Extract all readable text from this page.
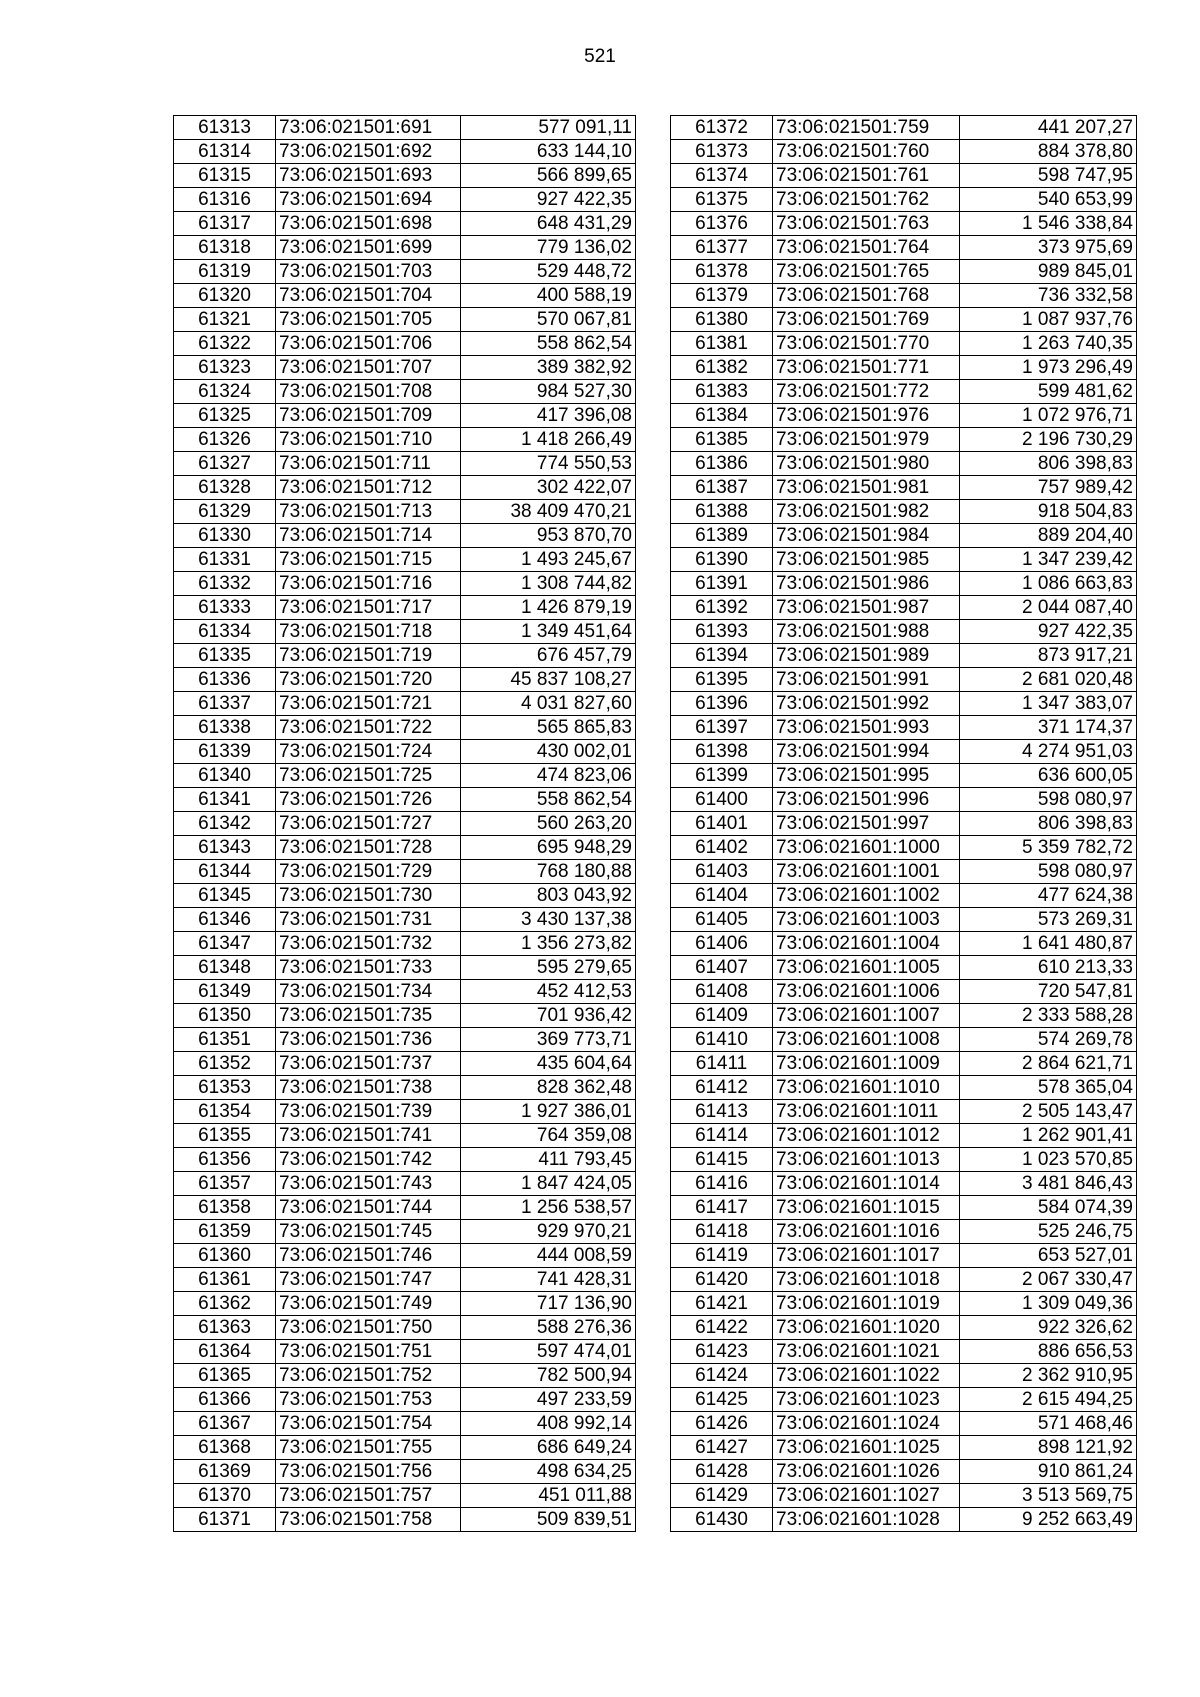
521
61313	73:06:021501:691	577 091,11
61314	73:06:021501:692	633 144,10
61315	73:06:021501:693	566 899,65
61316	73:06:021501:694	927 422,35
61317	73:06:021501:698	648 431,29
61318	73:06:021501:699	779 136,02
61319	73:06:021501:703	529 448,72
61320	73:06:021501:704	400 588,19
61321	73:06:021501:705	570 067,81
61322	73:06:021501:706	558 862,54
61323	73:06:021501:707	389 382,92
61324	73:06:021501:708	984 527,30
61325	73:06:021501:709	417 396,08
61326	73:06:021501:710	1 418 266,49
61327	73:06:021501:711	774 550,53
61328	73:06:021501:712	302 422,07
61329	73:06:021501:713	38 409 470,21
61330	73:06:021501:714	953 870,70
61331	73:06:021501:715	1 493 245,67
61332	73:06:021501:716	1 308 744,82
61333	73:06:021501:717	1 426 879,19
61334	73:06:021501:718	1 349 451,64
61335	73:06:021501:719	676 457,79
61336	73:06:021501:720	45 837 108,27
61337	73:06:021501:721	4 031 827,60
61338	73:06:021501:722	565 865,83
61339	73:06:021501:724	430 002,01
61340	73:06:021501:725	474 823,06
61341	73:06:021501:726	558 862,54
61342	73:06:021501:727	560 263,20
61343	73:06:021501:728	695 948,29
61344	73:06:021501:729	768 180,88
61345	73:06:021501:730	803 043,92
61346	73:06:021501:731	3 430 137,38
61347	73:06:021501:732	1 356 273,82
61348	73:06:021501:733	595 279,65
61349	73:06:021501:734	452 412,53
61350	73:06:021501:735	701 936,42
61351	73:06:021501:736	369 773,71
61352	73:06:021501:737	435 604,64
61353	73:06:021501:738	828 362,48
61354	73:06:021501:739	1 927 386,01
61355	73:06:021501:741	764 359,08
61356	73:06:021501:742	411 793,45
61357	73:06:021501:743	1 847 424,05
61358	73:06:021501:744	1 256 538,57
61359	73:06:021501:745	929 970,21
61360	73:06:021501:746	444 008,59
61361	73:06:021501:747	741 428,31
61362	73:06:021501:749	717 136,90
61363	73:06:021501:750	588 276,36
61364	73:06:021501:751	597 474,01
61365	73:06:021501:752	782 500,94
61366	73:06:021501:753	497 233,59
61367	73:06:021501:754	408 992,14
61368	73:06:021501:755	686 649,24
61369	73:06:021501:756	498 634,25
61370	73:06:021501:757	451 011,88
61371	73:06:021501:758	509 839,51
61372	73:06:021501:759	441 207,27
61373	73:06:021501:760	884 378,80
61374	73:06:021501:761	598 747,95
61375	73:06:021501:762	540 653,99
61376	73:06:021501:763	1 546 338,84
61377	73:06:021501:764	373 975,69
61378	73:06:021501:765	989 845,01
61379	73:06:021501:768	736 332,58
61380	73:06:021501:769	1 087 937,76
61381	73:06:021501:770	1 263 740,35
61382	73:06:021501:771	1 973 296,49
61383	73:06:021501:772	599 481,62
61384	73:06:021501:976	1 072 976,71
61385	73:06:021501:979	2 196 730,29
61386	73:06:021501:980	806 398,83
61387	73:06:021501:981	757 989,42
61388	73:06:021501:982	918 504,83
61389	73:06:021501:984	889 204,40
61390	73:06:021501:985	1 347 239,42
61391	73:06:021501:986	1 086 663,83
61392	73:06:021501:987	2 044 087,40
61393	73:06:021501:988	927 422,35
61394	73:06:021501:989	873 917,21
61395	73:06:021501:991	2 681 020,48
61396	73:06:021501:992	1 347 383,07
61397	73:06:021501:993	371 174,37
61398	73:06:021501:994	4 274 951,03
61399	73:06:021501:995	636 600,05
61400	73:06:021501:996	598 080,97
61401	73:06:021501:997	806 398,83
61402	73:06:021601:1000	5 359 782,72
61403	73:06:021601:1001	598 080,97
61404	73:06:021601:1002	477 624,38
61405	73:06:021601:1003	573 269,31
61406	73:06:021601:1004	1 641 480,87
61407	73:06:021601:1005	610 213,33
61408	73:06:021601:1006	720 547,81
61409	73:06:021601:1007	2 333 588,28
61410	73:06:021601:1008	574 269,78
61411	73:06:021601:1009	2 864 621,71
61412	73:06:021601:1010	578 365,04
61413	73:06:021601:1011	2 505 143,47
61414	73:06:021601:1012	1 262 901,41
61415	73:06:021601:1013	1 023 570,85
61416	73:06:021601:1014	3 481 846,43
61417	73:06:021601:1015	584 074,39
61418	73:06:021601:1016	525 246,75
61419	73:06:021601:1017	653 527,01
61420	73:06:021601:1018	2 067 330,47
61421	73:06:021601:1019	1 309 049,36
61422	73:06:021601:1020	922 326,62
61423	73:06:021601:1021	886 656,53
61424	73:06:021601:1022	2 362 910,95
61425	73:06:021601:1023	2 615 494,25
61426	73:06:021601:1024	571 468,46
61427	73:06:021601:1025	898 121,92
61428	73:06:021601:1026	910 861,24
61429	73:06:021601:1027	3 513 569,75
61430	73:06:021601:1028	9 252 663,49
